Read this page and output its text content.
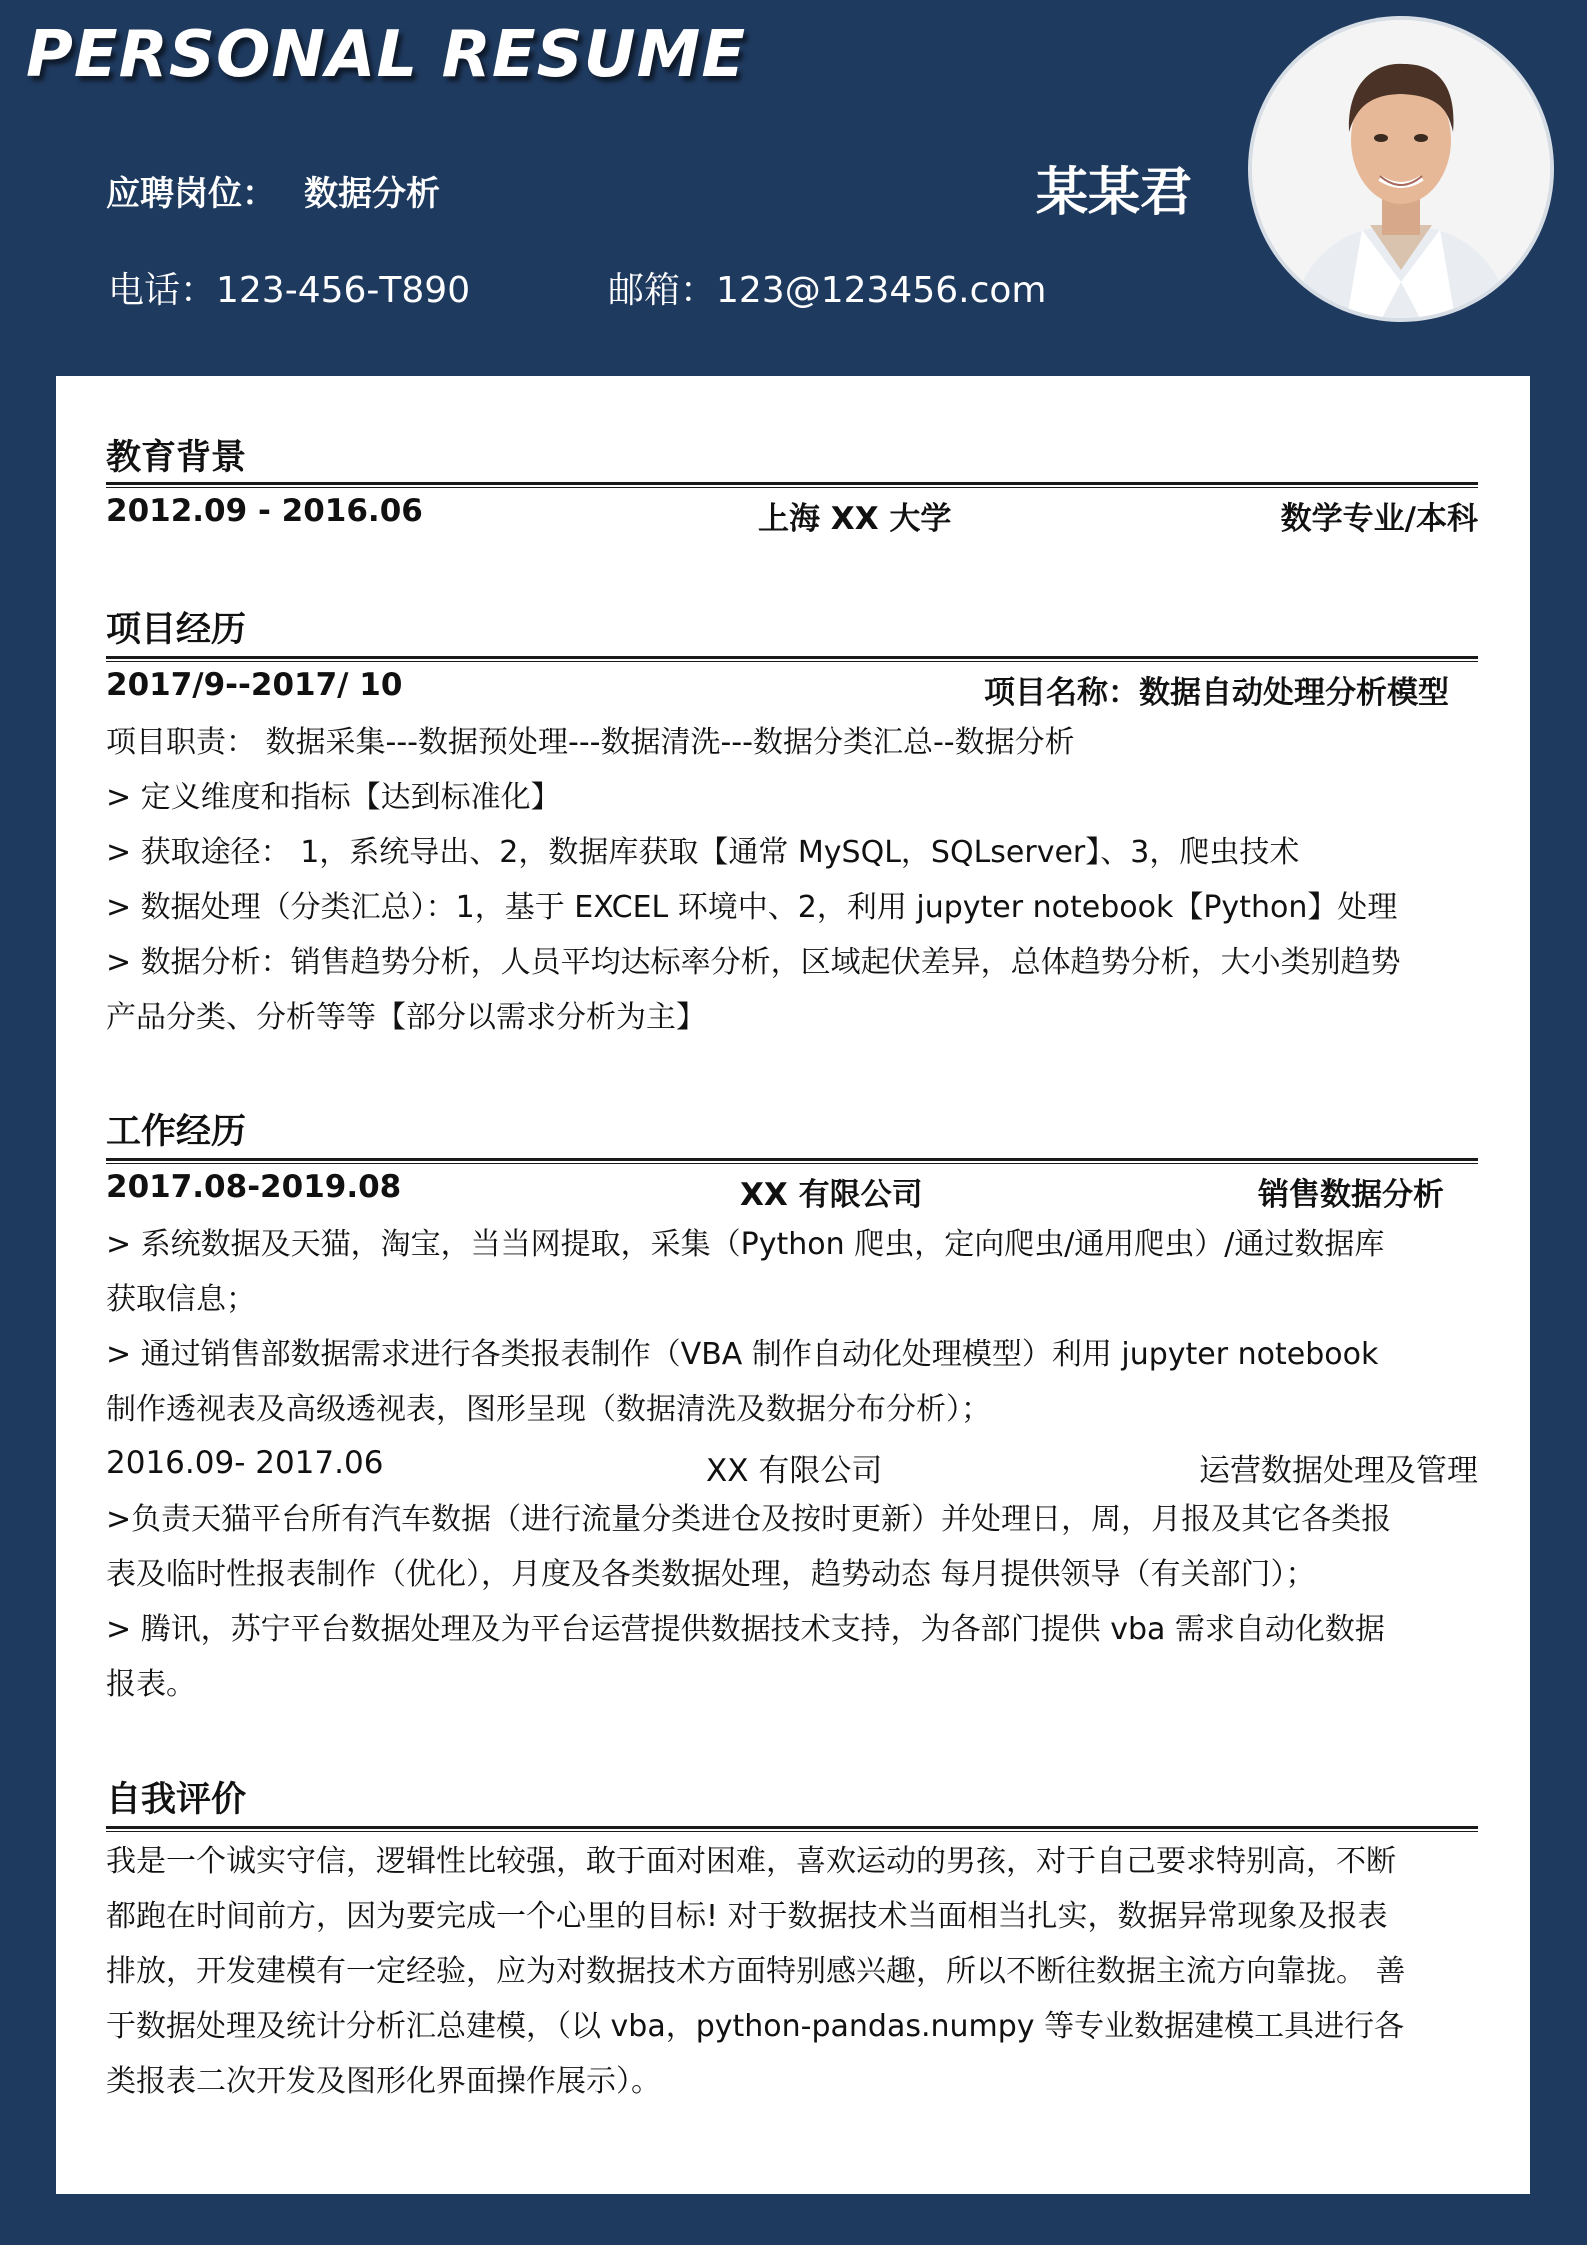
PERSONAL RESUME
应聘岗位： 数据分析	某某君
电话：123-456-T890	邮箱：123@123456.com
教育背景
2012.09 - 2016.06	上海 XX 大学	数学专业/本科
项目经历
2017/9--2017/ 10	项目名称：数据自动处理分析模型
项目职责： 数据采集---数据预处理---数据清洗---数据分类汇总--数据分析
> 定义维度和指标【达到标准化】
> 获取途径： 1，系统导出、2，数据库获取【通常 MySQL，SQLserver】、3，爬虫技术
> 数据处理（分类汇总）：1，基于 EXCEL 环境中、2，利用 jupyter notebook【Python】处理
> 数据分析：销售趋势分析，人员平均达标率分析，区域起伏差异，总体趋势分析，大小类别趋势
产品分类、分析等等【部分以需求分析为主】
工作经历
2017.08-2019.08	XX 有限公司	销售数据分析
> 系统数据及天猫，淘宝，当当网提取，采集（Python 爬虫，定向爬虫/通用爬虫）/通过数据库
获取信息；
> 通过销售部数据需求进行各类报表制作（VBA 制作自动化处理模型）利用 jupyter notebook
制作透视表及高级透视表，图形呈现（数据清洗及数据分布分析）；
2016.09- 2017.06	XX 有限公司	运营数据处理及管理
>负责天猫平台所有汽车数据（进行流量分类进仓及按时更新）并处理日，周，月报及其它各类报
表及临时性报表制作（优化），月度及各类数据处理，趋势动态 每月提供领导（有关部门）；
> 腾讯，苏宁平台数据处理及为平台运营提供数据技术支持，为各部门提供 vba 需求自动化数据
报表。
自我评价
我是一个诚实守信，逻辑性比较强，敢于面对困难，喜欢运动的男孩，对于自己要求特别高，不断
都跑在时间前方，因为要完成一个心里的目标! 对于数据技术当面相当扎实，数据异常现象及报表
排放，开发建模有一定经验，应为对数据技术方面特别感兴趣，所以不断往数据主流方向靠拢。 善
于数据处理及统计分析汇总建模，（以 vba，python-pandas.numpy 等专业数据建模工具进行各
类报表二次开发及图形化界面操作展示）。
